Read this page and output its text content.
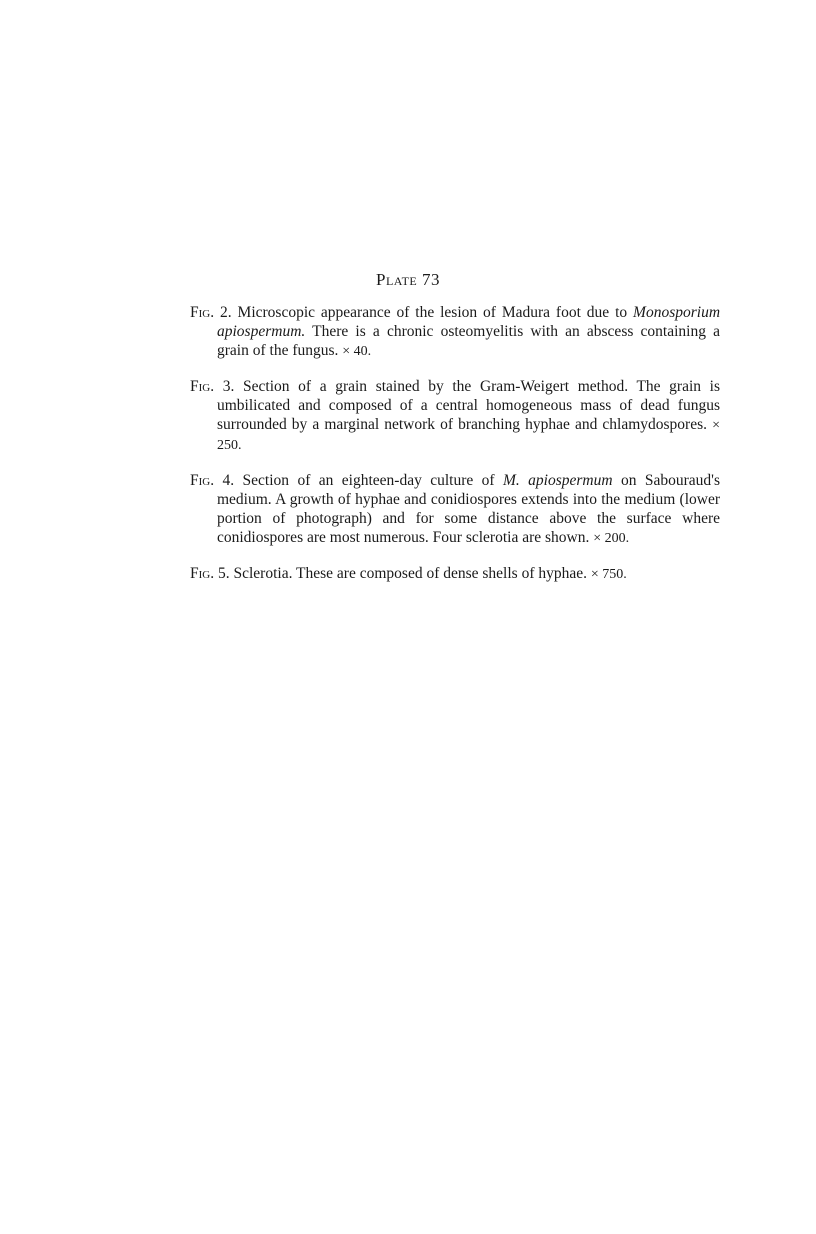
Plate 73

Fig. 2. Microscopic appearance of the lesion of Madura foot due to Monosporium apiospermum. There is a chronic osteomyelitis with an abscess containing a grain of the fungus. × 40.

Fig. 3. Section of a grain stained by the Gram-Weigert method. The grain is umbilicated and composed of a central homogeneous mass of dead fungus surrounded by a marginal network of branching hyphae and chlamydospores. × 250.

Fig. 4. Section of an eighteen-day culture of M. apiospermum on Sabouraud's medium. A growth of hyphae and conidiospores extends into the medium (lower portion of photograph) and for some distance above the surface where conidiospores are most numerous. Four sclerotia are shown. × 200.

Fig. 5. Sclerotia. These are composed of dense shells of hyphae. × 750.
